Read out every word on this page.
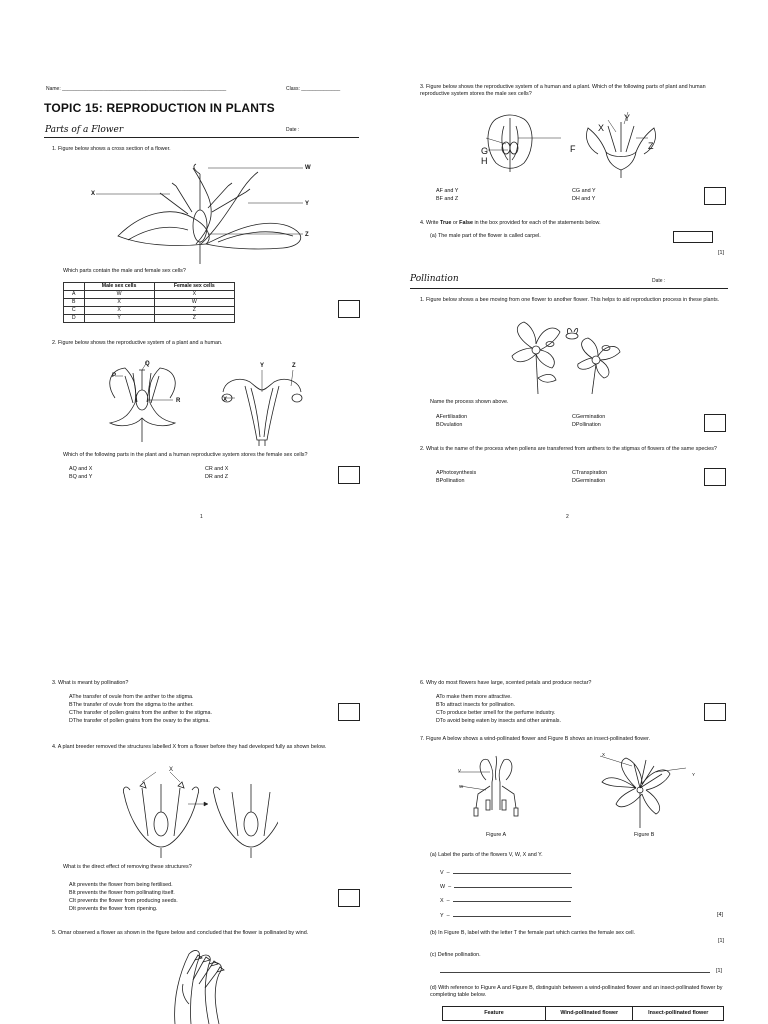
Name: ___________________________________________________________	Class: ______________
TOPIC 15: REPRODUCTION IN PLANTS
Parts of a Flower	Date :
1. Figure below shows a cross section of a flower.
W
X
Y
Z
Which parts contain the male and female sex cells?
	Male sex cells	Female sex cells
A	W	X
B	X	W
C	X	Z
D	Y	Z
2. Figure below shows the reproductive system of a plant and a human.
P
Q
R
Y	Z
X
Which of the following parts in the plant and a human reproductive system stores the female sex cells?
AQ and X	CR and X
BQ and Y	DR and Z
1
3. Figure below shows the reproductive system of a human and a plant. Which of the following parts of plant and human reproductive system stores the male sex cells?
G
H
F
X
Y
Z
AF and Y	CG and Y
BF and Z	DH and Y
4. Write True or False in the box provided for each of the statements below.
(a) The male part of the flower is called carpel.
[1]
Pollination	Date :
1. Figure below shows a bee moving from one flower to another flower. This helps to aid reproduction process in these plants.
Name the process shown above.
AFertilisation	CGermination
BOvulation	DPollination
2. What is the name of the process when pollens are transferred from anthers to the stigmas of flowers of the same species?
APhotosynthesis	CTranspiration
BPollination	DGermination
2
3. What is meant by pollination?
AThe transfer of ovule from the anther to the stigma.
BThe transfer of ovule from the stigma to the anther.
CThe transfer of pollen grains from the anther to the stigma.
DThe transfer of pollen grains from the ovary to the stigma.
4. A plant breeder removed the structures labelled X from a flower before they had developed fully as shown below.
X
What is the direct effect of removing these structures?
AIt prevents the flower from being fertilised.
BIt prevents the flower from pollinating itself.
CIt prevents the flower from producing seeds.
DIt prevents the flower from ripening.
5. Omar observed a flower as shown in the figure below and concluded that the flower is pollinated by wind.
6. Why do most flowers have large, scented petals and produce nectar?
ATo make them more attractive.
BTo attract insects for pollination.
CTo produce better smell for the perfume industry.
DTo avoid being eaten by insects and other animals.
7. Figure A below shows a wind-pollinated flower and Figure B shows an insect-pollinated flower.
V
W
X
Y
Figure A	Figure B
(a) Label the parts of the flowers V, W, X and Y.
V –
W –
X –
Y –	[4]
(b) In Figure B, label with the letter T the female part which carries the female sex cell.
[1]
(c) Define pollination.
[1]
(d) With reference to Figure A and Figure B, distinguish between a wind-pollinated flower and an insect-pollinated flower by completing table below.
Feature	Wind-pollinated flower	Insect-pollinated flower
